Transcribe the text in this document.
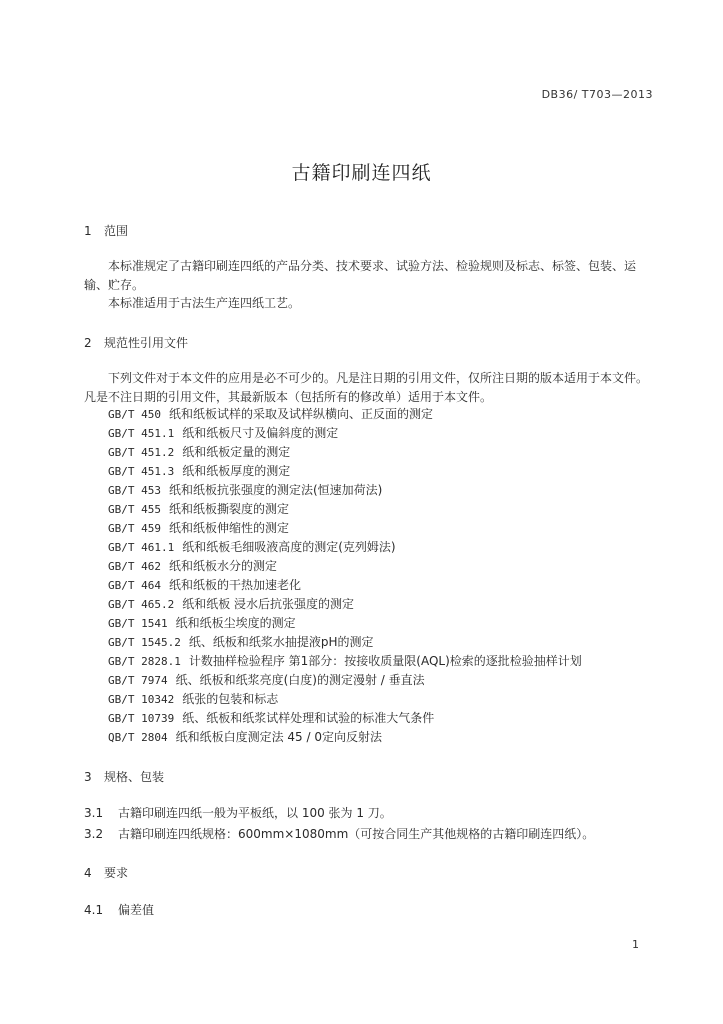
DB36/ T703—2013
古籍印刷连四纸
1 范围

本标准规定了古籍印刷连四纸的产品分类、技术要求、试验方法、检验规则及标志、标签、包装、运输、贮存。

本标准适用于古法生产连四纸工艺。

2 规范性引用文件

下列文件对于本文件的应用是必不可少的。凡是注日期的引用文件，仅所注日期的版本适用于本文件。凡是不注日期的引用文件，其最新版本（包括所有的修改单）适用于本文件。

GB/T 450 纸和纸板试样的采取及试样纵横向、正反面的测定
GB/T 451.1 纸和纸板尺寸及偏斜度的测定
GB/T 451.2 纸和纸板定量的测定
GB/T 451.3 纸和纸板厚度的测定
GB/T 453 纸和纸板抗张强度的测定法(恒速加荷法)
GB/T 455 纸和纸板撕裂度的测定
GB/T 459 纸和纸板伸缩性的测定
GB/T 461.1 纸和纸板毛细吸液高度的测定(克列姆法)
GB/T 462 纸和纸板水分的测定
GB/T 464 纸和纸板的干热加速老化
GB/T 465.2 纸和纸板 浸水后抗张强度的测定
GB/T 1541 纸和纸板尘埃度的测定
GB/T 1545.2 纸、纸板和纸浆水抽提液pH的测定
GB/T 2828.1 计数抽样检验程序 第1部分：按接收质量限(AQL)检索的逐批检验抽样计划
GB/T 7974 纸、纸板和纸浆亮度(白度)的测定漫射 / 垂直法
GB/T 10342 纸张的包装和标志
GB/T 10739 纸、纸板和纸浆试样处理和试验的标准大气条件
QB/T 2804 纸和纸板白度测定法 45 / 0定向反射法
3 规格、包装
3.1 古籍印刷连四纸一般为平板纸，以 100 张为 1 刀。
3.2 古籍印刷连四纸规格：600mm×1080mm（可按合同生产其他规格的古籍印刷连四纸）。
4 要求
4.1 偏差值
1
